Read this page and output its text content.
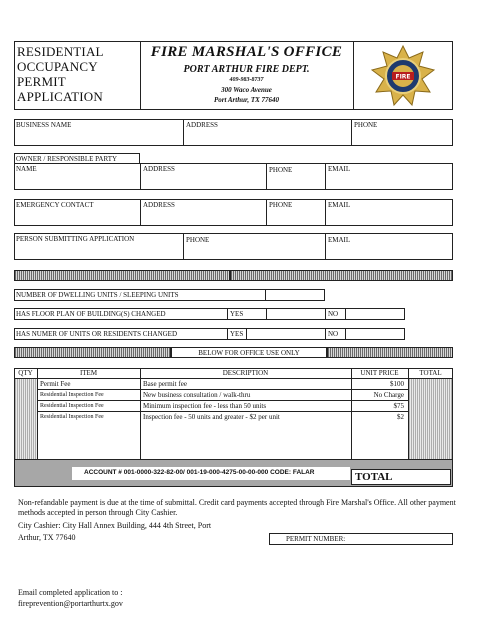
RESIDENTIAL
OCCUPANCY
PERMIT
APPLICATION
FIRE MARSHAL'S OFFICE
PORT ARTHUR FIRE DEPT.
409-983-8737
300 Waco Avenue
Port Arthur, TX 77640
FIRE
BUSINESS NAME	ADDRESS	PHONE
OWNER / RESPONSIBLE PARTY
NAME	ADDRESS	PHONE	EMAIL
EMERGENCY CONTACT	ADDRESS	PHONE	EMAIL
PERSON SUBMITTING APPLICATION	PHONE	EMAIL
NUMBER OF DWELLING UNITS / SLEEPING UNITS
HAS FLOOR PLAN OF BUILDING(S) CHANGED	YES	NO
HAS NUMER OF UNITS OR RESIDENTS CHANGED	YES	NO
BELOW FOR OFFICE USE ONLY
QTY	ITEM	DESCRIPTION	UNIT PRICE	TOTAL
Permit Fee	Base permit fee	$100
Residential Inspection Fee	New business consultation / walk-thru	No Charge
Residential Inspection Fee	Minimum inspection fee - less than 50 units	$75
Residential Inspection Fee	Inspection fee - 50 units and greater - $2 per unit	$2
ACCOUNT # 001-0000-322-82-00/ 001-19-000-4275-00-00-000 CODE: FALAR	TOTAL
Non-refandable payment is due at the time of submittal. Credit card payments accepted through Fire Marshal's Office. All other payment methods accepted in person through City Cashier.
City Cashier: City Hall Annex Building, 444 4th Street, Port
Arthur, TX 77640	PERMIT NUMBER:
Email completed application to :
fireprevention@portarthurtx.gov
